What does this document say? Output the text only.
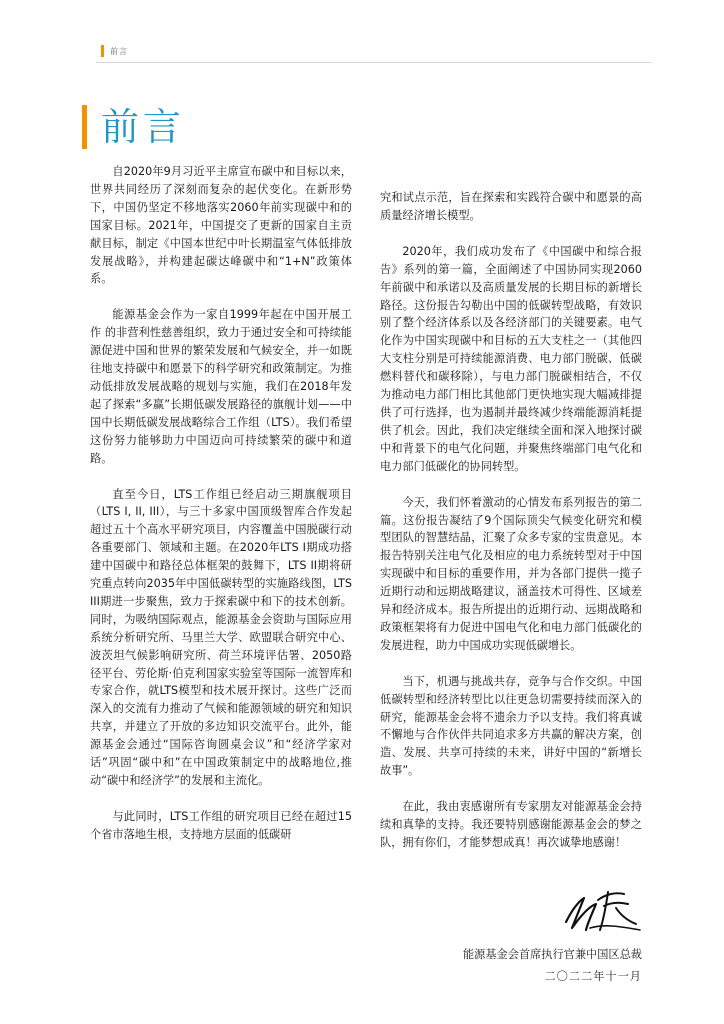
前言
前言

自2020年9月习近平主席宣布碳中和目标以来，世界共同经历了深刻而复杂的起伏变化。在新形势下，中国仍坚定不移地落实2060年前实现碳中和的国家目标。2021年，中国提交了更新的国家自主贡献目标，制定《中国本世纪中叶长期温室气体低排放发展战略》，并构建起碳达峰碳中和“1+N”政策体系。

能源基金会作为一家自1999年起在中国开展工作 的非营利性慈善组织，致力于通过安全和可持续能源促进中国和世界的繁荣发展和气候安全，并一如既往地支持碳中和愿景下的科学研究和政策制定。为推动低排放发展战略的规划与实施，我们在2018年发起了探索“多赢”长期低碳发展路径的旗舰计划——中国中长期低碳发展战略综合工作组（LTS）。我们希望这份努力能够助力中国迈向可持续繁荣的碳中和道路。

直至今日，LTS工作组已经启动三期旗舰项目（LTS I, II, III），与三十多家中国顶级智库合作发起超过五十个高水平研究项目，内容覆盖中国脱碳行动各重要部门、领域和主题。在2020年LTS I期成功搭建中国碳中和路径总体框架的鼓舞下，LTS II期将研究重点转向2035年中国低碳转型的实施路线图，LTS III期进一步聚焦，致力于探索碳中和下的技术创新。同时，为吸纳国际观点，能源基金会资助与国际应用系统分析研究所、马里兰大学、欧盟联合研究中心、波茨坦气候影响研究所、荷兰环境评估署、2050路径平台、劳伦斯·伯克利国家实验室等国际一流智库和专家合作，就LTS模型和技术展开探讨。这些广泛而深入的交流有力推动了气候和能源领域的研究和知识共享，并建立了开放的多边知识交流平台。此外，能源基金会通过“国际咨询圆桌会议”和“经济学家对话”巩固“碳中和”在中国政策制定中的战略地位,推动“碳中和经济学”的发展和主流化。

与此同时，LTS工作组的研究项目已经在超过15个省市落地生根，支持地方层面的低碳研

究和试点示范，旨在探索和实践符合碳中和愿景的高质量经济增长模型。

2020年，我们成功发布了《中国碳中和综合报告》系列的第一篇，全面阐述了中国协同实现2060年前碳中和承诺以及高质量发展的长期目标的新增长路径。这份报告勾勒出中国的低碳转型战略，有效识别了整个经济体系以及各经济部门的关键要素。电气化作为中国实现碳中和目标的五大支柱之一（其他四大支柱分别是可持续能源消费、电力部门脱碳、低碳燃料替代和碳移除），与电力部门脱碳相结合，不仅为推动电力部门相比其他部门更快地实现大幅减排提供了可行选择，也为遏制并最终减少终端能源消耗提供了机会。因此，我们决定继续全面和深入地探讨碳中和背景下的电气化问题，并聚焦终端部门电气化和电力部门低碳化的协同转型。

今天，我们怀着激动的心情发布系列报告的第二篇。这份报告凝结了9个国际顶尖气候变化研究和模型团队的智慧结晶，汇聚了众多专家的宝贵意见。本报告特别关注电气化及相应的电力系统转型对于中国实现碳中和目标的重要作用，并为各部门提供一揽子近期行动和远期战略建议，涵盖技术可得性、区域差异和经济成本。报告所提出的近期行动、远期战略和政策框架将有力促进中国电气化和电力部门低碳化的发展进程，助力中国成功实现低碳增长。

当下，机遇与挑战共存，竞争与合作交织。中国低碳转型和经济转型比以往更急切需要持续而深入的研究，能源基金会将不遗余力予以支持。我们将真诚不懈地与合作伙伴共同追求多方共赢的解决方案，创造、发展、共享可持续的未来，讲好中国的“新增长故事”。

在此，我由衷感谢所有专家朋友对能源基金会持续和真挚的支持。我还要特别感谢能源基金会的梦之队，拥有你们，才能梦想成真！再次诚挚地感谢！

能源基金会首席执行官兼中国区总裁
二〇二二年十一月
